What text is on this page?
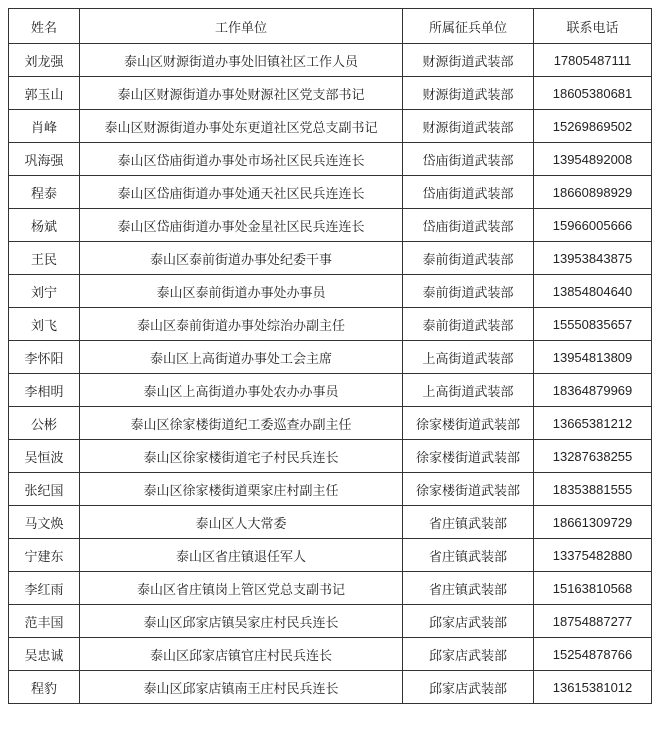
姓名	工作单位	所属征兵单位	联系电话
刘龙强	泰山区财源街道办事处旧镇社区工作人员	财源街道武装部	17805487111
郭玉山	泰山区财源街道办事处财源社区党支部书记	财源街道武装部	18605380681
肖峰	泰山区财源街道办事处东更道社区党总支副书记	财源街道武装部	15269869502
巩海强	泰山区岱庙街道办事处市场社区民兵连连长	岱庙街道武装部	13954892008
程泰	泰山区岱庙街道办事处通天社区民兵连连长	岱庙街道武装部	18660898929
杨斌	泰山区岱庙街道办事处金星社区民兵连连长	岱庙街道武装部	15966005666
王民	泰山区泰前街道办事处纪委干事	泰前街道武装部	13953843875
刘宁	泰山区泰前街道办事处办事员	泰前街道武装部	13854804640
刘飞	泰山区泰前街道办事处综治办副主任	泰前街道武装部	15550835657
李怀阳	泰山区上高街道办事处工会主席	上高街道武装部	13954813809
李相明	泰山区上高街道办事处农办办事员	上高街道武装部	18364879969
公彬	泰山区徐家楼街道纪工委巡查办副主任	徐家楼街道武装部	13665381212
吴恒波	泰山区徐家楼街道宅子村民兵连长	徐家楼街道武装部	13287638255
张纪国	泰山区徐家楼街道栗家庄村副主任	徐家楼街道武装部	18353881555
马文焕	泰山区人大常委	省庄镇武装部	18661309729
宁建东	泰山区省庄镇退任军人	省庄镇武装部	13375482880
李红雨	泰山区省庄镇岗上管区党总支副书记	省庄镇武装部	15163810568
范丰国	泰山区邱家店镇吴家庄村民兵连长	邱家店武装部	18754887277
吴忠诚	泰山区邱家店镇官庄村民兵连长	邱家店武装部	15254878766
程豹	泰山区邱家店镇南王庄村民兵连长	邱家店武装部	13615381012
